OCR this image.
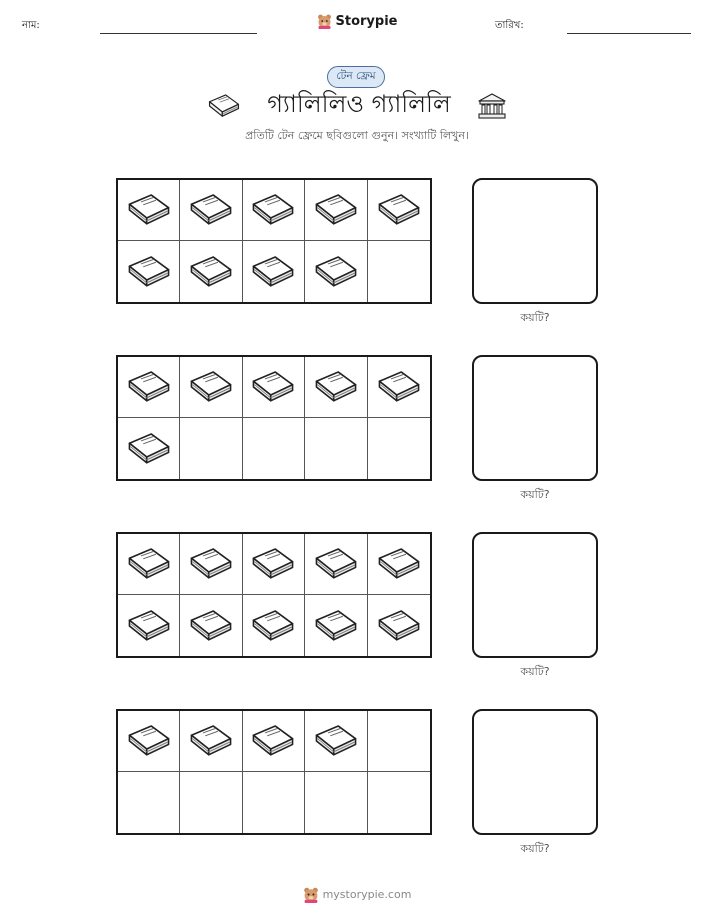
নাম:	Storypie	তারিখ:
টেন ফ্রেম
গ্যালিলিও গ্যালিলি
প্রতিটি টেন ফ্রেমে ছবিগুলো গুনুন। সংখ্যাটি লিখুন।
কয়টি?
কয়টি?
কয়টি?
কয়টি?
mystorypie.com
